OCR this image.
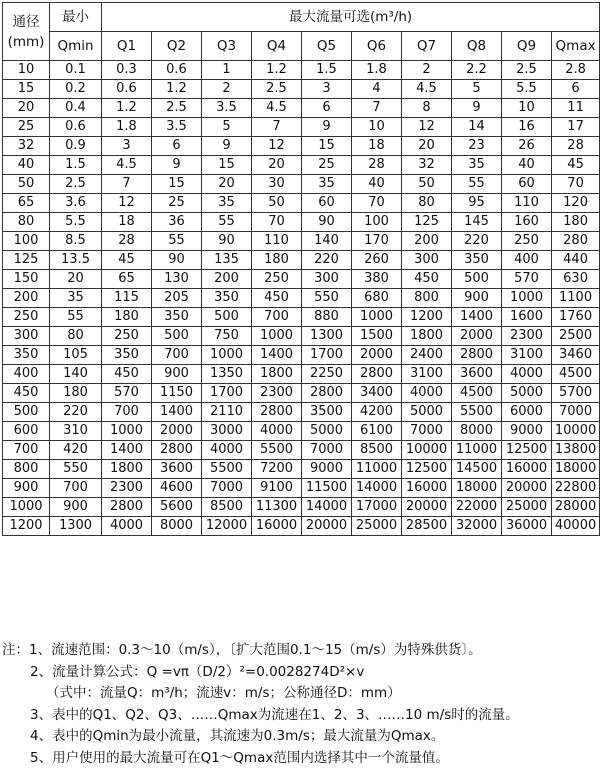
通径
(mm)	最小	最大流量可选(m³/h)									
	Qmin	Q1	Q2	Q3	Q4	Q5	Q6	Q7	Q8	Q9	Qmax
10	0.1	0.3	0.6	1	1.2	1.5	1.8	2	2.2	2.5	2.8
15	0.2	0.6	1.2	2	2.5	3	4	4.5	5	5.5	6
20	0.4	1.2	2.5	3.5	4.5	6	7	8	9	10	11
25	0.6	1.8	3.5	5	7	9	10	12	14	16	17
32	0.9	3	6	9	12	15	18	20	23	26	28
40	1.5	4.5	9	15	20	25	28	32	35	40	45
50	2.5	7	15	20	30	35	40	50	55	60	70
65	3.6	12	25	35	50	60	70	80	95	110	120
80	5.5	18	36	55	70	90	100	125	145	160	180
100	8.5	28	55	90	110	140	170	200	220	250	280
125	13.5	45	90	135	180	220	260	300	350	400	440
150	20	65	130	200	250	300	380	450	500	570	630
200	35	115	205	350	450	550	680	800	900	1000	1100
250	55	180	350	500	700	880	1000	1200	1400	1600	1760
300	80	250	500	750	1000	1300	1500	1800	2000	2300	2500
350	105	350	700	1000	1400	1700	2000	2400	2800	3100	3460
400	140	450	900	1350	1800	2250	2800	3100	3600	4000	4500
450	180	570	1150	1700	2300	2800	3400	4000	4500	5000	5700
500	220	700	1400	2110	2800	3500	4200	5000	5500	6000	7000
600	310	1000	2000	3000	4000	5000	6100	7000	8000	9000	10000
700	420	1400	2800	4000	5500	7000	8500	10000	11000	12500	13800
800	550	1800	3600	5500	7200	9000	11000	12500	14500	16000	18000
900	700	2300	4600	7000	9100	11500	14000	16000	18000	20000	22800
1000	900	2800	5600	8500	11300	14000	17000	20000	22000	25000	28000
1200	1300	4000	8000	12000	16000	20000	25000	28500	32000	36000	40000
注：1、流速范围：0.3～10（m/s），〔扩大范围0.1～15（m/s）为特殊供货〕。
2、流量计算公式：Q =vπ（D/2）²=0.0028274D²×v
（式中：流量Q：m³/h；流速v：m/s；公称通径D：mm）
3、表中的Q1、Q2、Q3、……Qmax为流速在1、2、3、……10 m/s时的流量。
4、表中的Qmin为最小流量，其流速为0.3m/s；最大流量为Qmax。
5、用户使用的最大流量可在Q1～Qmax范围内选择其中一个流量值。
